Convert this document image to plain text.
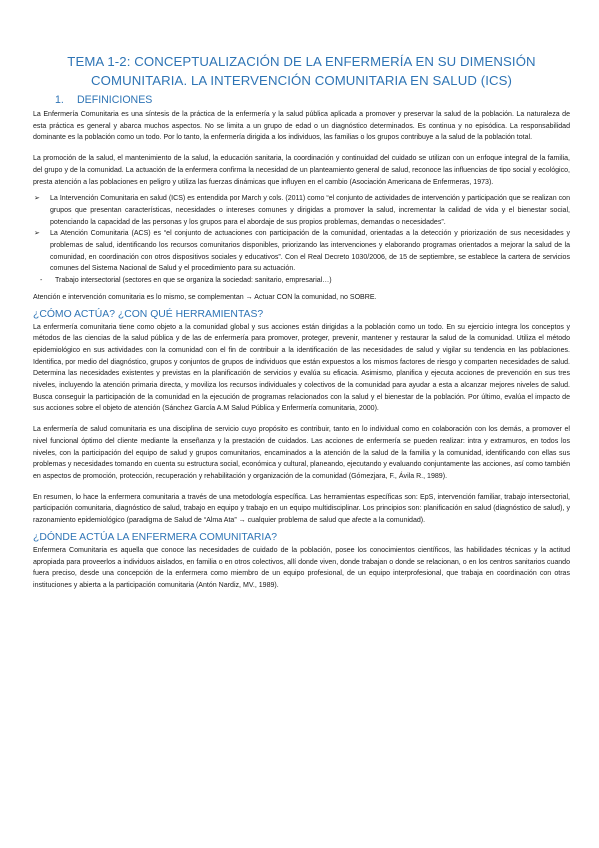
TEMA 1-2: CONCEPTUALIZACIÓN DE LA ENFERMERÍA EN SU DIMENSIÓN
COMUNITARIA. LA INTERVENCIÓN COMUNITARIA EN SALUD (ICS)
1. DEFINICIONES

La Enfermería Comunitaria es una síntesis de la práctica de la enfermería y la salud pública aplicada a promover y preservar la salud de la población. La naturaleza de esta práctica es general y abarca muchos aspectos. No se limita a un grupo de edad o un diagnóstico determinados. Es continua y no episódica. La responsabilidad dominante es la población como un todo. Por lo tanto, la enfermería dirigida a los individuos, las familias o los grupos contribuye a la salud de la población total.

La promoción de la salud, el mantenimiento de la salud, la educación sanitaria, la coordinación y continuidad del cuidado se utilizan con un enfoque integral de la familia, del grupo y de la comunidad. La actuación de la enfermera confirma la necesidad de un planteamiento general de salud, reconoce las influencias de tipo social y ecológico, presta atención a las poblaciones en peligro y utiliza las fuerzas dinámicas que influyen en el cambio (Asociación Americana de Enfermeras, 1973).

➢ La Intervención Comunitaria en salud (ICS) es entendida por March y cols. (2011) como “el conjunto de actividades de intervención y participación que se realizan con grupos que presentan características, necesidades o intereses comunes y dirigidas a promover la salud, incrementar la calidad de vida y el bienestar social, potenciando la capacidad de las personas y los grupos para el abordaje de sus propios problemas, demandas o necesidades”.
➢ La Atención Comunitaria (ACS) es “el conjunto de actuaciones con participación de la comunidad, orientadas a la detección y priorización de sus necesidades y problemas de salud, identificando los recursos comunitarios disponibles, priorizando las intervenciones y elaborando programas orientados a mejorar la salud de la comunidad, en coordinación con otros dispositivos sociales y educativos”. Con el Real Decreto 1030/2006, de 15 de septiembre, se establece la cartera de servicios comunes del Sistema Nacional de Salud y el procedimiento para su actuación.
- Trabajo intersectorial (sectores en que se organiza la sociedad: sanitario, empresarial…)

Atención e intervención comunitaria es lo mismo, se complementan → Actuar CON la comunidad, no SOBRE.

¿CÓMO ACTÚA? ¿CON QUÉ HERRAMIENTAS?

La enfermería comunitaria tiene como objeto a la comunidad global y sus acciones están dirigidas a la población como un todo. En su ejercicio integra los conceptos y métodos de las ciencias de la salud pública y de las de enfermería para promover, proteger, prevenir, mantener y restaurar la salud de la comunidad. Utiliza el método epidemiológico en sus actividades con la comunidad con el fin de contribuir a la identificación de las necesidades de salud y vigilar su tendencia en las poblaciones. Identifica, por medio del diagnóstico, grupos y conjuntos de grupos de individuos que están expuestos a los mismos factores de riesgo y comparten necesidades de salud. Determina las necesidades existentes y previstas en la planificación de servicios y evalúa su eficacia. Asimismo, planifica y ejecuta acciones de prevención en sus tres niveles, incluyendo la atención primaria directa, y moviliza los recursos individuales y colectivos de la comunidad para ayudar a esta a alcanzar mejores niveles de salud. Busca conseguir la participación de la comunidad en la ejecución de programas relacionados con la salud y el bienestar de la población. Por último, evalúa el impacto de sus acciones sobre el objeto de atención (Sánchez García A.M Salud Pública y Enfermería comunitaria, 2000).

La enfermería de salud comunitaria es una disciplina de servicio cuyo propósito es contribuir, tanto en lo individual como en colaboración con los demás, a promover el nivel funcional óptimo del cliente mediante la enseñanza y la prestación de cuidados. Las acciones de enfermería se pueden realizar: intra y extramuros, en todos los niveles, con la participación del equipo de salud y grupos comunitarios, encaminados a la atención de la salud de la familia y la comunidad, identificando con ellas sus problemas y necesidades tomando en cuenta su estructura social, económica y cultural, planeando, ejecutando y evaluando conjuntamente las acciones, así como también en aspectos de promoción, protección, recuperación y rehabilitación y organización de la comunidad (Gómezjara, F., Ávila R., 1989).

En resumen, lo hace la enfermera comunitaria a través de una metodología específica. Las herramientas específicas son: EpS, intervención familiar, trabajo intersectorial, participación comunitaria, diagnóstico de salud, trabajo en equipo y trabajo en un equipo multidisciplinar. Los principios son: planificación en salud (diagnóstico de salud), y razonamiento epidemiológico (paradigma de Salud de “Alma Ata” → cualquier problema de salud que afecte a la comunidad).

¿DÓNDE ACTÚA LA ENFERMERA COMUNITARIA?

Enfermera Comunitaria es aquella que conoce las necesidades de cuidado de la población, posee los conocimientos científicos, las habilidades técnicas y la actitud apropiada para proveerlos a individuos aislados, en familia o en otros colectivos, allí donde viven, donde trabajan o donde se relacionan, o en los centros sanitarios cuando fuera preciso, desde una concepción de la enfermera como miembro de un equipo profesional, de un equipo interprofesional, que trabaja en coordinación con otras instituciones y abierta a la participación comunitaria (Antón Nardiz, MV., 1989).
